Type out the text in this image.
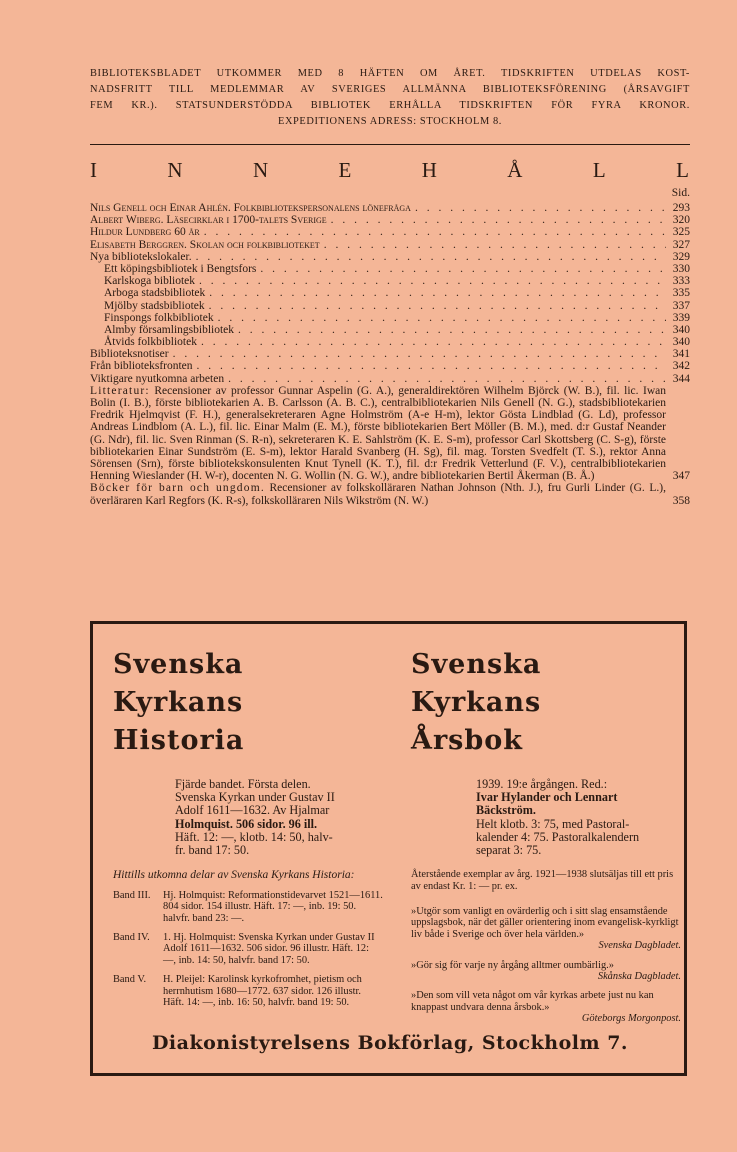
BIBLIOTEKSBLADET UTKOMMER MED 8 HÄFTEN OM ÅRET. TIDSKRIFTEN UTDELAS KOST-
NADSFRITT TILL MEDLEMMAR AV SVERIGES ALLMÄNNA BIBLIOTEKSFÖRENING (ÅRSAVGIFT
FEM KR.). STATSUNDERSTÖDDA BIBLIOTEK ERHÅLLA TIDSKRIFTEN FÖR FYRA KRONOR.
EXPEDITIONENS ADRESS: STOCKHOLM 8.
I	N	N	E	H	Å	L	L
Sid.
Nils Genell och Einar Ahlén. Folkbibliotekspersonalens lönefråga . . .	293
Albert Wiberg. Läsecirklar i 1700-talets Sverige . . .	320
Hildur Lundberg 60 år . . .	325
Elisabeth Berggren. Skolan och folkbiblioteket . . .	327
Nya bibliotekslokaler. . . .	329
Ett köpingsbibliotek i Bengtsfors . . .	330
Karlskoga bibliotek . . .	333
Arboga stadsbibliotek . . .	335
Mjölby stadsbibliotek . . .	337
Finspongs folkbibliotek . . .	339
Almby församlingsbibliotek . . .	340
Åtvids folkbibliotek . . .	340
Biblioteksnotiser . . .	341
Från biblioteksfronten . . .	342
Viktigare nyutkomna arbeten . . .	344
Litteratur: Recensioner av professor Gunnar Aspelin (G. A.), generaldirektören Wilhelm Björck (W. B.), fil. lic. Iwan Bolin (I. B.), förste bibliotekarien A. B. Carlsson (A. B. C.), centralbibliotekarien Nils Genell (N. G.), stadsbibliotekarien Fredrik Hjelmqvist (F. H.), generalsekreteraren Agne Holmström (A-e H-m), lektor Gösta Lindblad (G. Ld), professor Andreas Lindblom (A. L.), fil. lic. Einar Malm (E. M.), förste bibliotekarien Bert Möller (B. M.), med. d:r Gustaf Neander (G. Ndr), fil. lic. Sven Rinman (S. R-n), sekreteraren K. E. Sahlström (K. E. S-m), professor Carl Skottsberg (C. S-g), förste bibliotekarien Einar Sundström (E. S-m), lektor Harald Svanberg (H. Sg), fil. mag. Torsten Svedfelt (T. S.), rektor Anna Sörensen (Srn), förste bibliotekskonsulenten Knut Tynell (K. T.), fil. d:r Fredrik Vetterlund (F. V.), centralbibliotekarien Henning Wieslander (H. W-r), docenten N. G. Wollin (N. G. W.), andre bibliotekarien Bertil Åkerman (B. Å.)	347
Böcker för barn och ungdom. Recensioner av folkskolläraren Nathan Johnson (Nth. J.), fru Gurli Linder (G. L.), överläraren Karl Regfors (K. R-s), folkskolläraren Nils Wikström (N. W.)	358
Svenska
Kyrkans
Historia
Fjärde bandet. Första delen.
Svenska Kyrkan under Gustav II
Adolf 1611—1632. Av Hjalmar
Holmquist. 506 sidor. 96 ill.
Häft. 12: —, klotb. 14: 50, halv-
fr. band 17: 50.

Hittills utkomna delar av Svenska Kyrkans Historia:

Band III.	Hj. Holmquist: Reformationstidevarvet 1521—1611. 804 sidor. 154 illustr. Häft. 17: —, inb. 19: 50. halvfr. band 23: —.
Band IV.	1. Hj. Holmquist: Svenska Kyrkan under Gustav II Adolf 1611—1632. 506 sidor. 96 illustr. Häft. 12: —, inb. 14: 50, halvfr. band 17: 50.
Band V.	H. Pleijel: Karolinsk kyrkofromhet, pietism och herrnhutism 1680—1772. 637 sidor. 126 illustr. Häft. 14: —, inb. 16: 50, halvfr. band 19: 50.
Svenska
Kyrkans
Årsbok
1939. 19:e årgången. Red.:
Ivar Hylander och Lennart
Bäckström.
Helt klotb. 3: 75, med Pastoral-
kalender 4: 75. Pastoralkalendern
separat 3: 75.

Återstående exemplar av årg. 1921—1938 slutsäljas till ett pris av endast Kr. 1: — pr. ex.

»Utgör som vanligt en ovärderlig och i sitt slag ensamstående uppslagsbok, när det gäller orientering inom evangelisk-kyrkligt liv både i Sverige och över hela världen.»
Svenska Dagbladet.

»Gör sig för varje ny årgång alltmer oumbärlig.»
Skånska Dagbladet.

»Den som vill veta något om vår kyrkas arbete just nu kan knappast undvara denna årsbok.»
Göteborgs Morgonpost.

Diakonistyrelsens Bokförlag, Stockholm 7.
